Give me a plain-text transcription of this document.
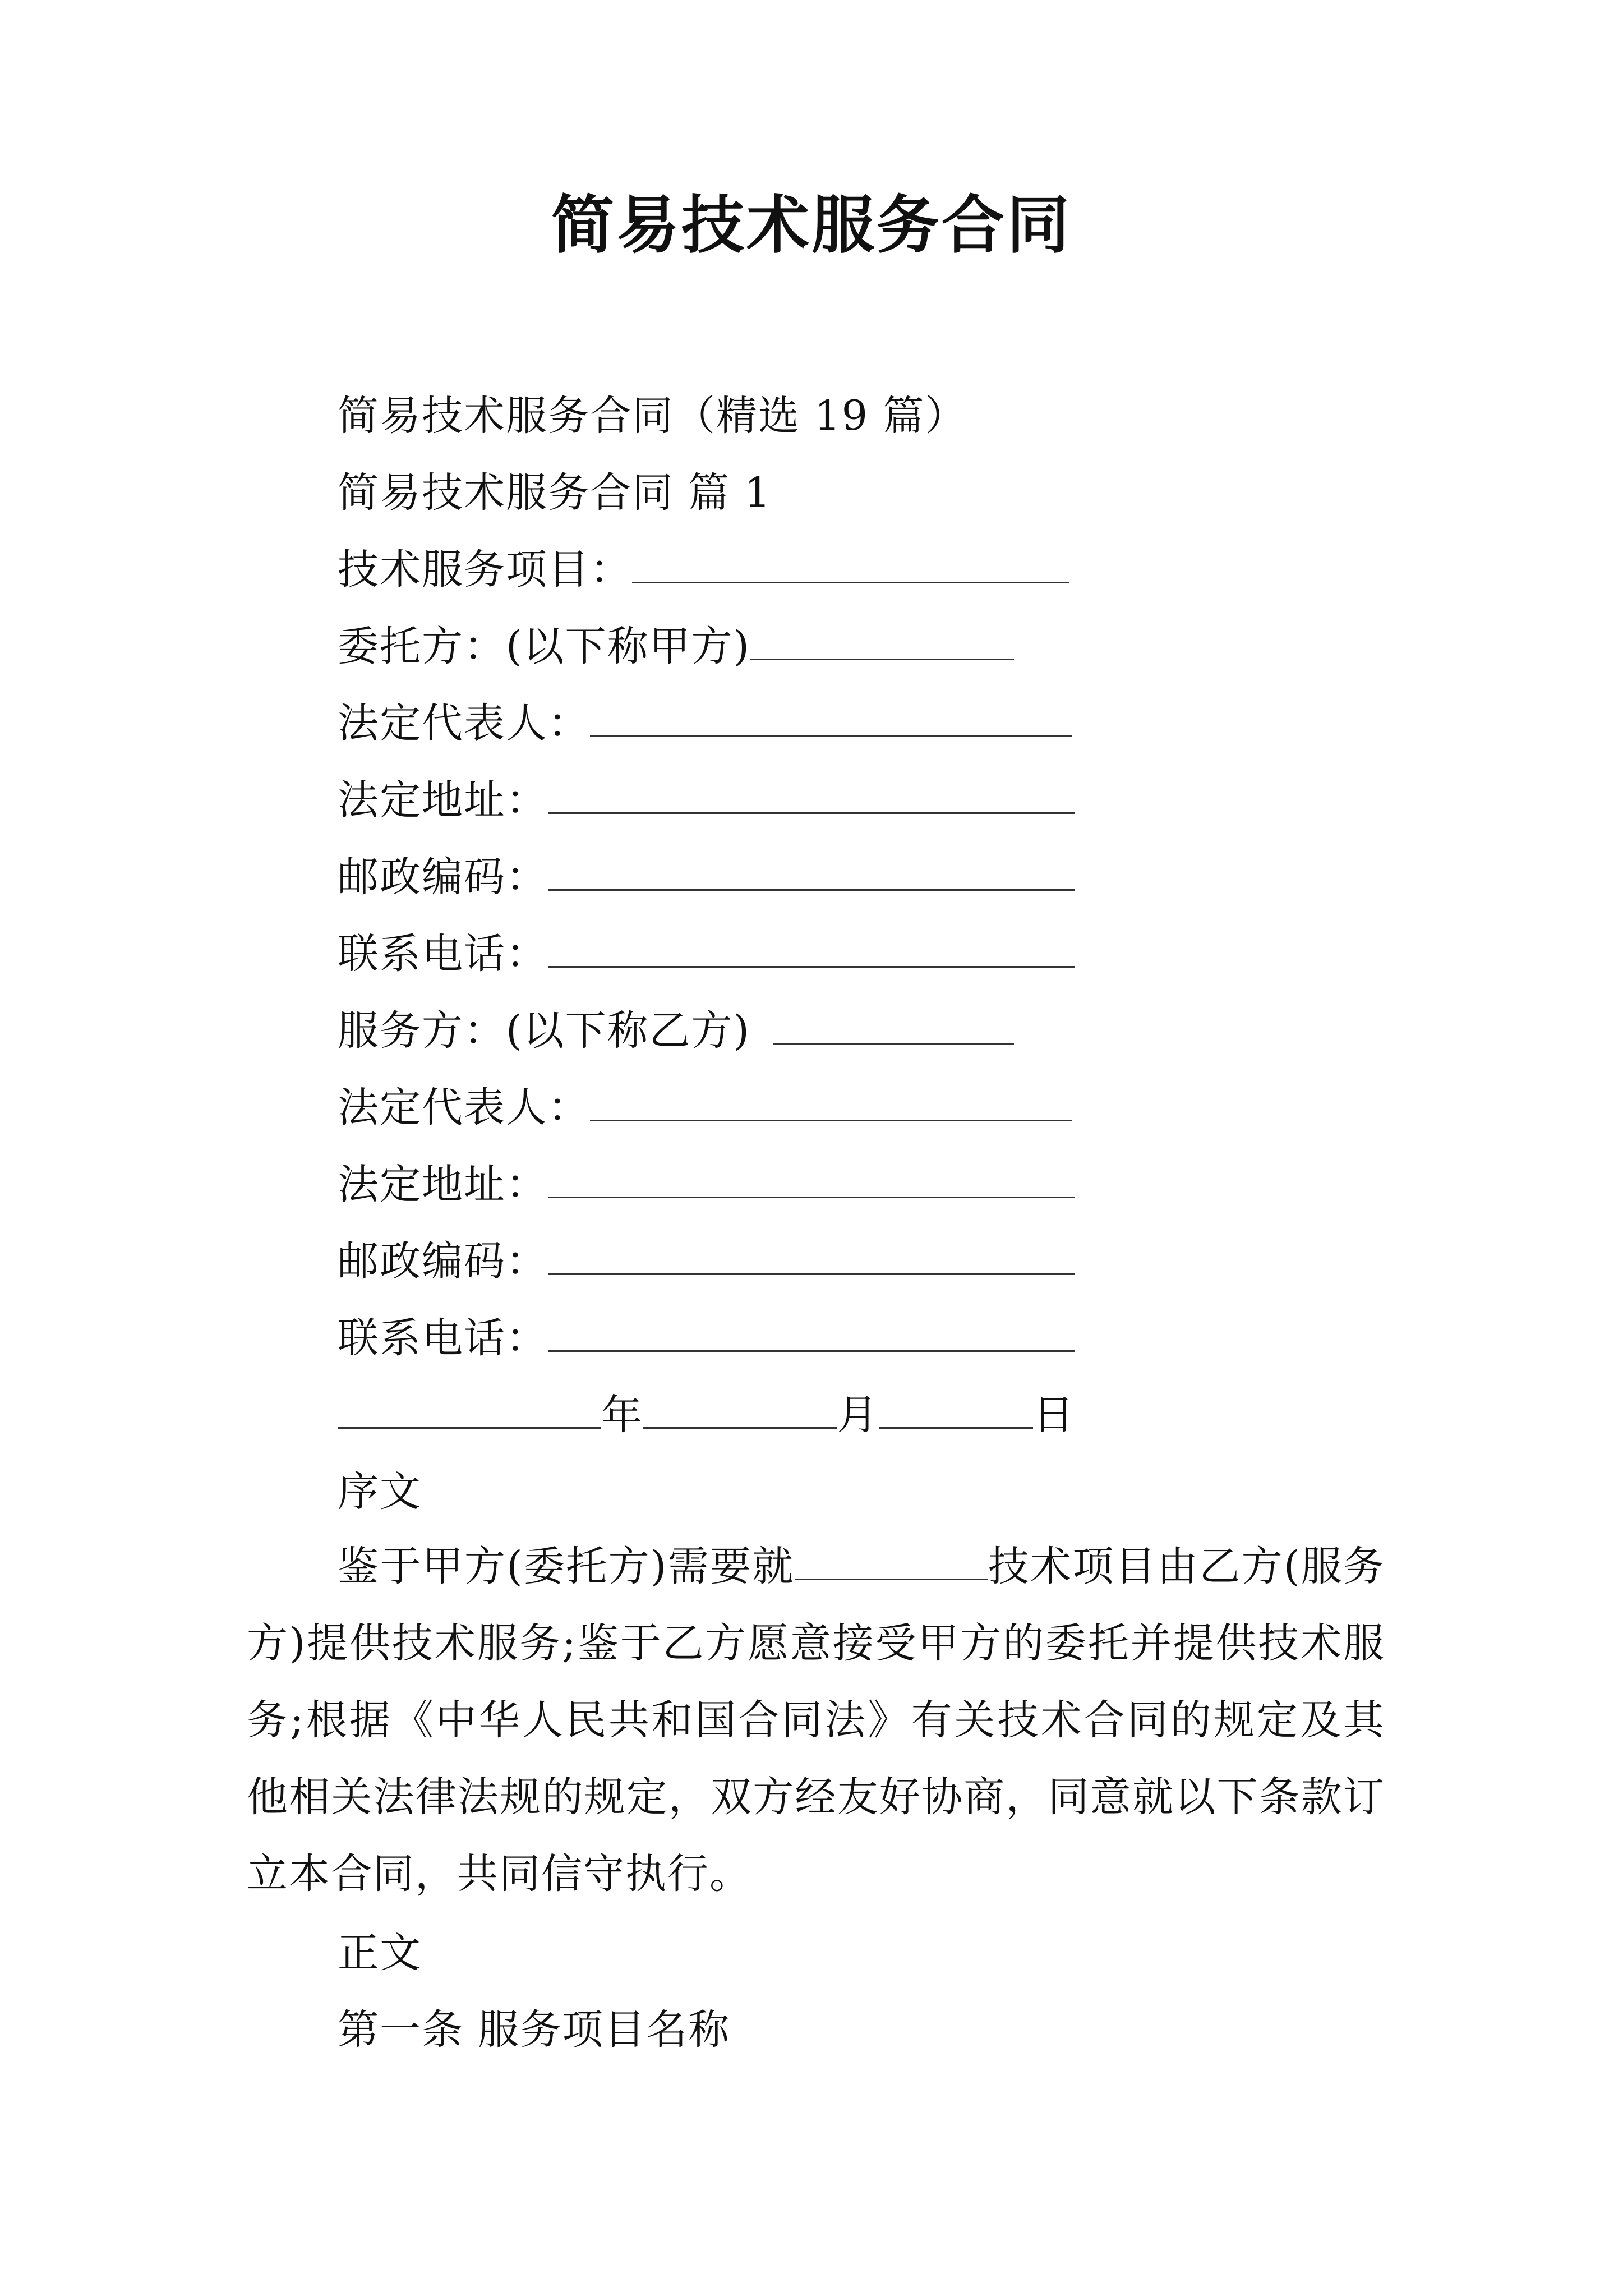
简易技术服务合同
简易技术服务合同（精选 19 篇）
简易技术服务合同 篇 1
技术服务项目：
委托方：(以下称甲方)
法定代表人：
法定地址：
邮政编码：
联系电话：
服务方：(以下称乙方)
法定代表人：
法定地址：
邮政编码：
联系电话：
年	月	日
序文

鉴于甲方(委托方)需要就	技术项目由乙方(服务方)提供技术服务;鉴于乙方愿意接受甲方的委托并提供技术服务;根据《中华人民共和国合同法》有关技术合同的规定及其他相关法律法规的规定，双方经友好协商，同意就以下条款订立本合同，共同信守执行。

正文
第一条 服务项目名称
